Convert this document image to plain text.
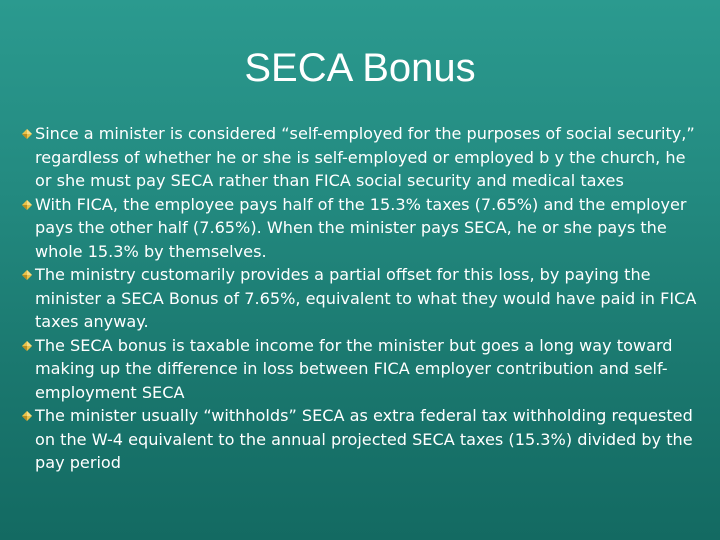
SECA Bonus
Since a minister is considered “self-employed for the purposes of social security,” regardless of whether he or she is self-employed or employed b y the church, he or she must pay SECA rather than FICA social security and medical taxes
With FICA, the employee pays half of the 15.3% taxes (7.65%) and the employer pays the other half (7.65%). When the minister pays SECA, he or she pays the whole 15.3% by themselves.
The ministry customarily provides a partial offset for this loss, by paying the minister a SECA Bonus of 7.65%, equivalent to what they would have paid in FICA taxes anyway.
The SECA bonus is taxable income for the minister but goes a long way toward making up the difference in loss between FICA employer contribution and self-employment SECA
The minister usually “withholds” SECA as extra federal tax withholding requested on the W-4 equivalent to the annual projected SECA taxes (15.3%) divided by the pay period
